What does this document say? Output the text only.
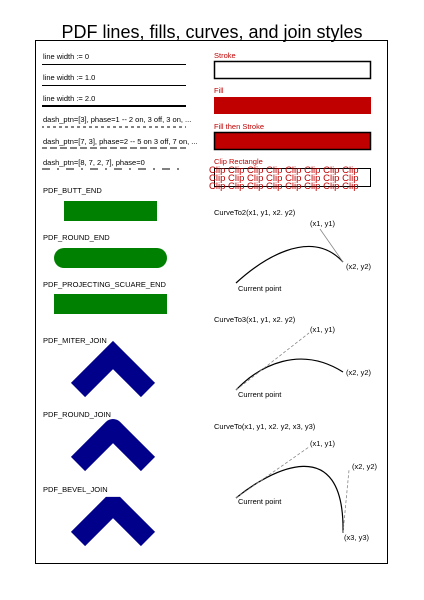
PDF lines, fills, curves, and join styles
line width := 0
line width := 1.0
line width := 2.0
dash_ptn=[3], phase=1 -- 2 on, 3 off, 3 on, ...
dash_ptn=[7, 3], phase=2 -- 5 on 3 off, 7 on, ...
dash_ptn=[8, 7, 2, 7], phase=0
PDF_BUTT_END
PDF_ROUND_END
PDF_PROJECTING_SCUARE_END
PDF_MITER_JOIN
PDF_ROUND_JOIN
PDF_BEVEL_JOIN
Stroke
Fill
Fill then Stroke
Clip Rectangle
Clip Clip Clip Clip Clip Clip Clip Clip
Clip Clip Clip Clip Clip Clip Clip Clip
Clip Clip Clip Clip Clip Clip Clip Clip
CurveTo2(x1, y1, x2. y2)
(x1, y1)
(x2, y2)
Current point
CurveTo3(x1, y1, x2. y2)
(x1, y1)
(x2, y2)
Current point
CurveTo(x1, y1, x2. y2, x3, y3)
(x1, y1)
(x2, y2)
(x3, y3)
Current point
